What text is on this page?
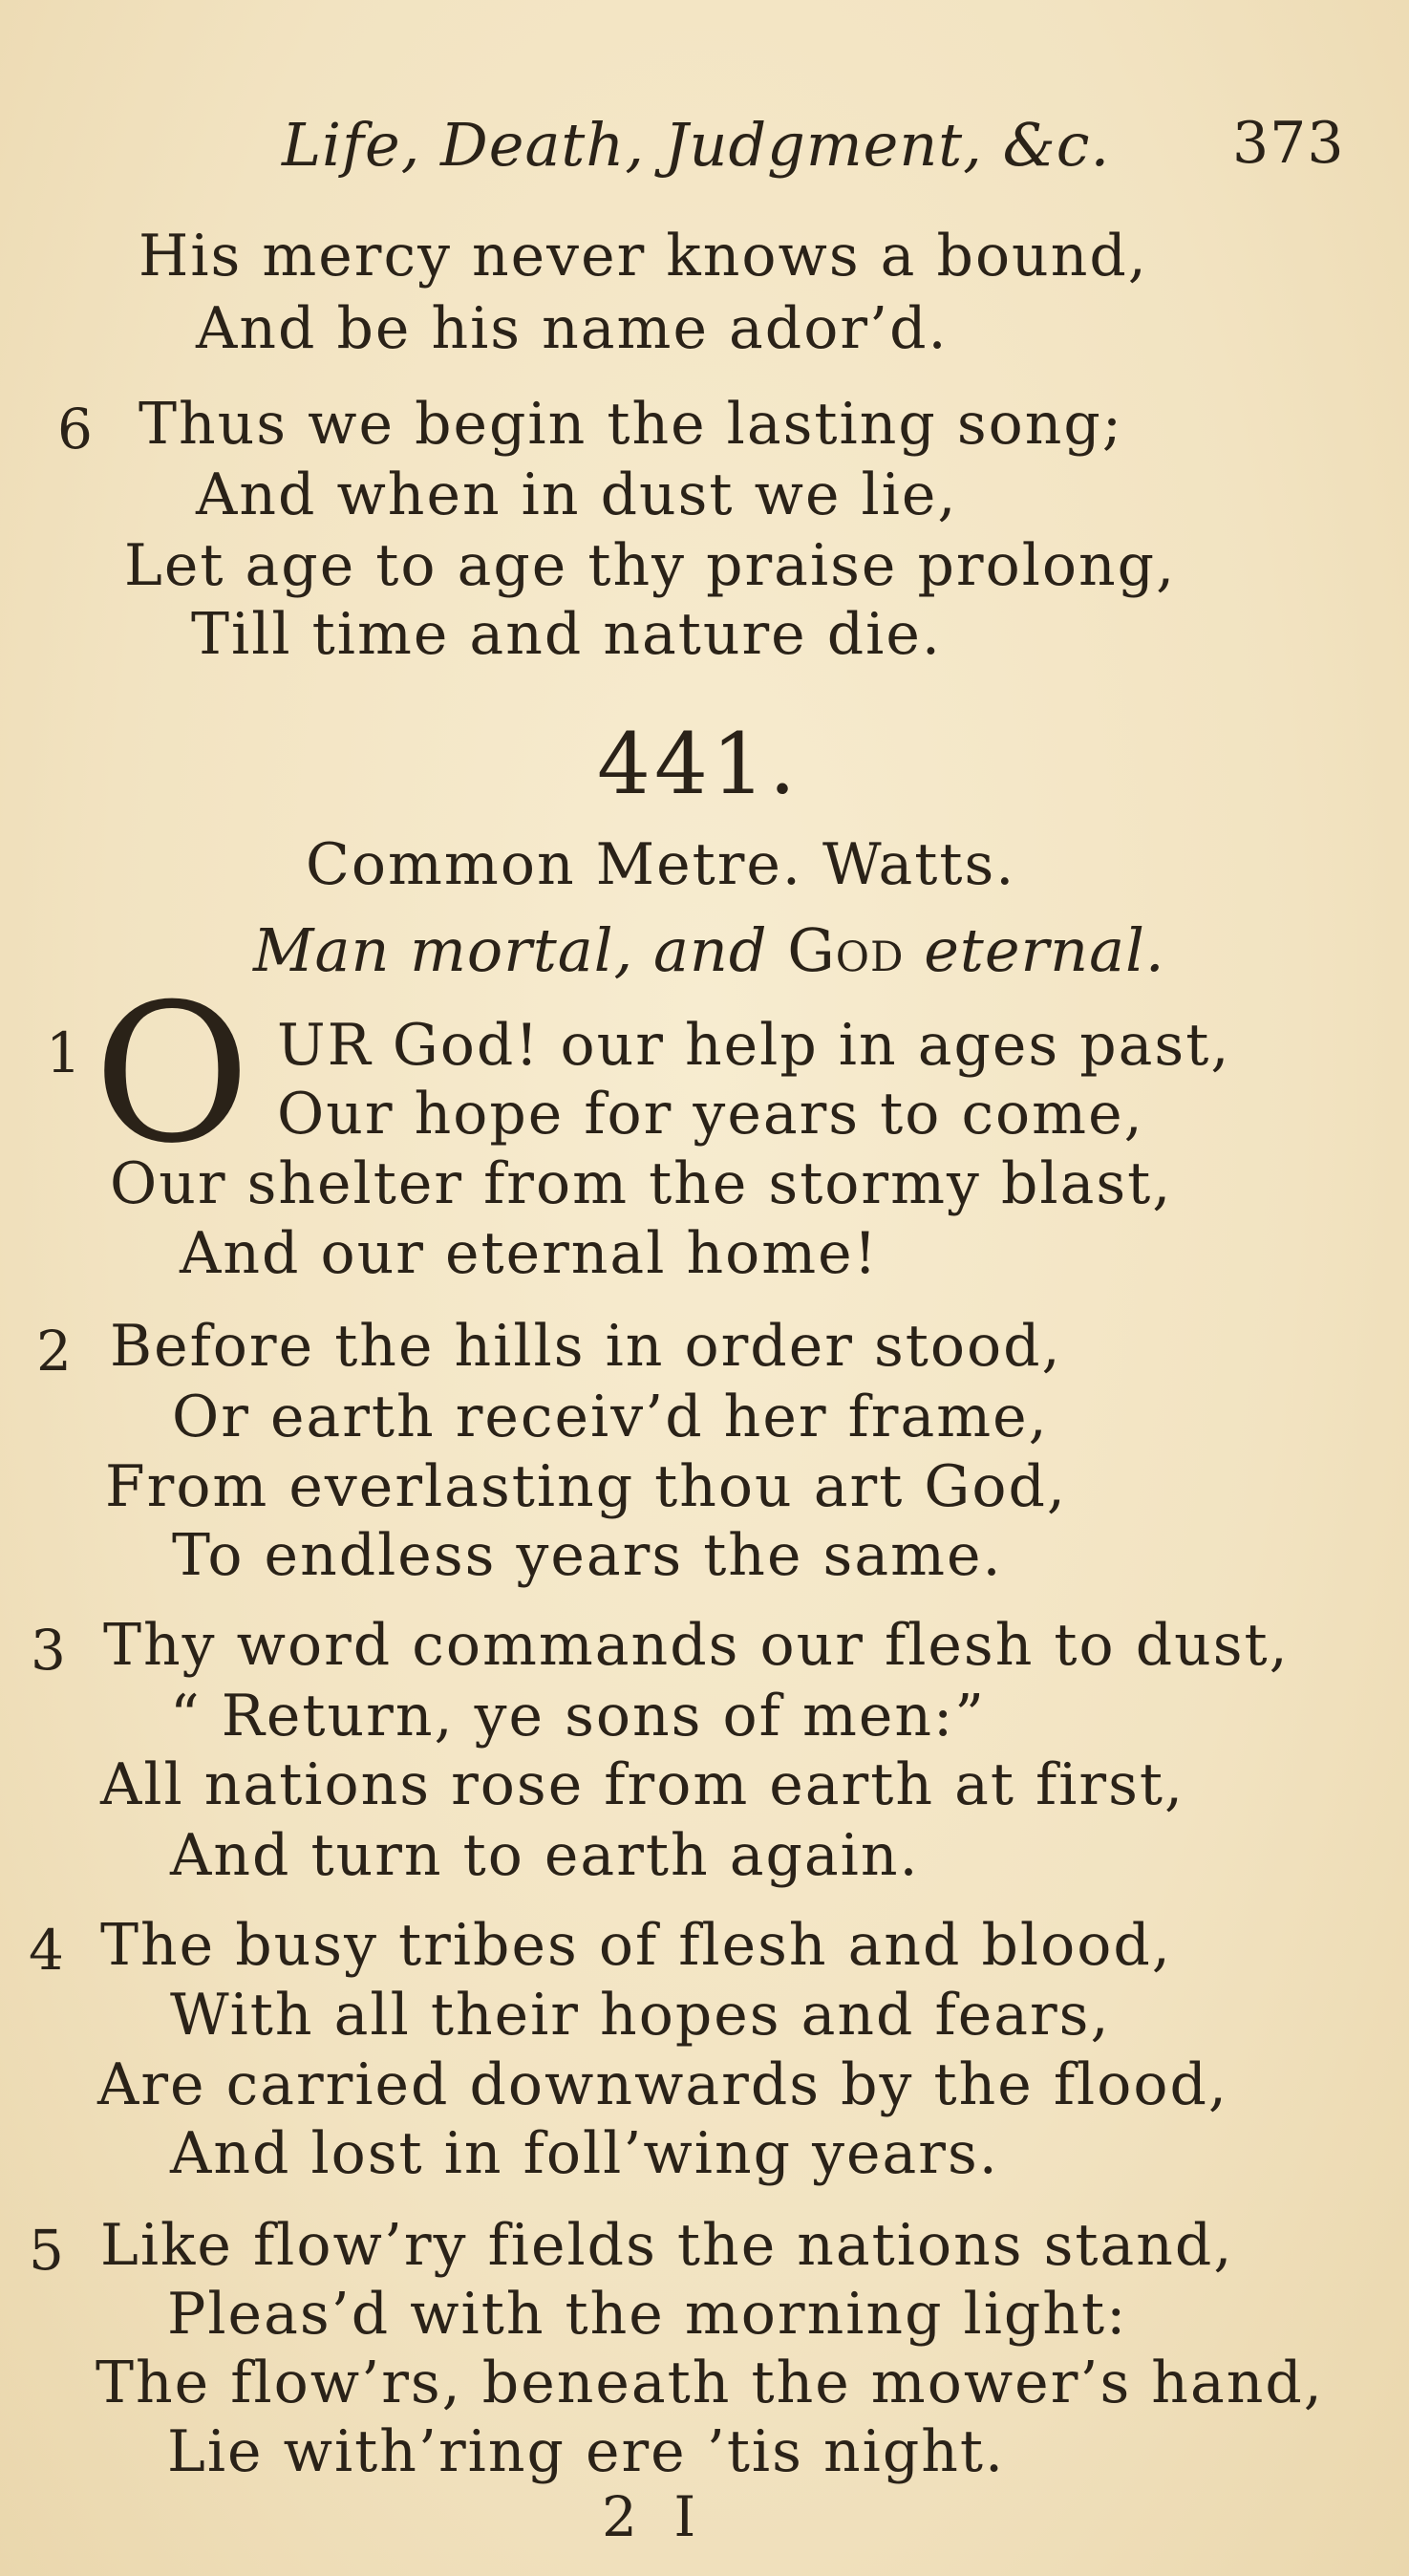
Life, Death, Judgment, &c. 373
His mercy never knows a bound,
And be his name ador’d.
6 Thus we begin the lasting song;
And when in dust we lie,
Let age to age thy praise prolong,
Till time and nature die.
441.
Common Metre. Watts.
Man mortal, and God eternal.
1 O UR God! our help in ages past,
Our hope for years to come,
Our shelter from the stormy blast,
And our eternal home!
2 Before the hills in order stood,
Or earth receiv’d her frame,
From everlasting thou art God,
To endless years the same.
3 Thy word commands our flesh to dust,
“ Return, ye sons of men:”
All nations rose from earth at first,
And turn to earth again.
4 The busy tribes of flesh and blood,
With all their hopes and fears,
Are carried downwards by the flood,
And lost in foll’wing years.
5 Like flow’ry fields the nations stand,
Pleas’d with the morning light:
The flow’rs, beneath the mower’s hand,
Lie with’ring ere ’tis night.
2 I
